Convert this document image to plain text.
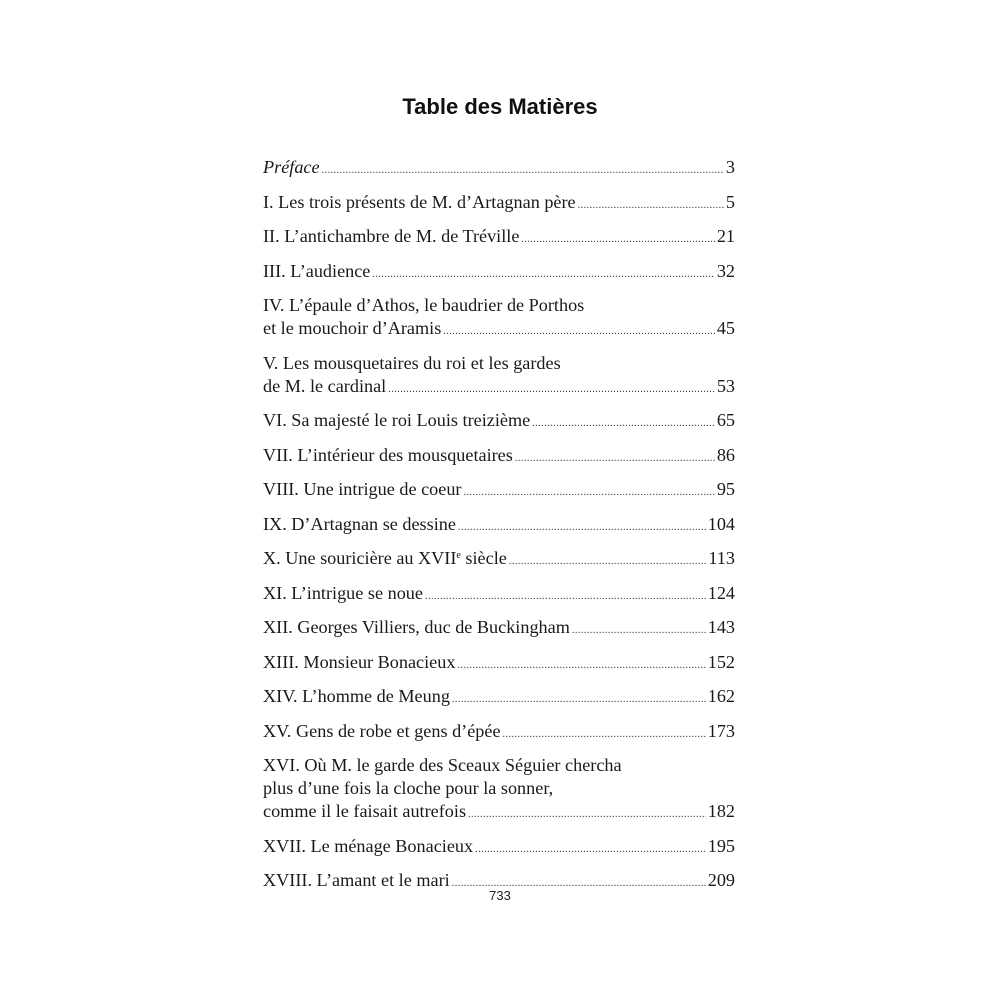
Table des Matières
Préface .....	3
I. Les trois présents de M. d’Artagnan père .....	5
II. L’antichambre de M. de Tréville .....	21
III. L’audience .....	32
IV. L’épaule d’Athos, le baudrier de Porthos
et le mouchoir d’Aramis .....	45
V. Les mousquetaires du roi et les gardes
de M. le cardinal .....	53
VI. Sa majesté le roi Louis treizième .....	65
VII. L’intérieur des mousquetaires .....	86
VIII. Une intrigue de coeur .....	95
IX. D’Artagnan se dessine .....	104
X. Une souricière au XVIIe siècle .....	113
XI. L’intrigue se noue .....	124
XII. Georges Villiers, duc de Buckingham .....	143
XIII. Monsieur Bonacieux .....	152
XIV. L’homme de Meung .....	162
XV. Gens de robe et gens d’épée .....	173
XVI. Où M. le garde des Sceaux Séguier chercha
plus d’une fois la cloche pour la sonner,
comme il le faisait autrefois .....	182
XVII. Le ménage Bonacieux .....	195
XVIII. L’amant et le mari .....	209
733
